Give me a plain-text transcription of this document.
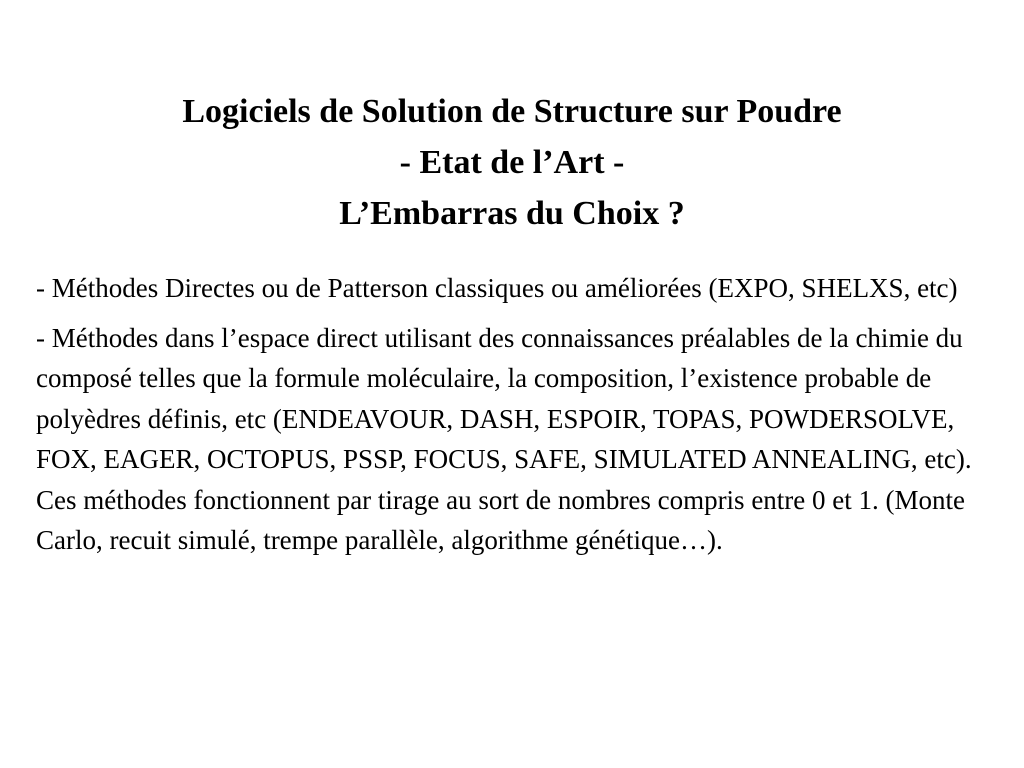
Logiciels de Solution de Structure sur Poudre
- Etat de l’Art -
L’Embarras du Choix ?

- Méthodes Directes ou de Patterson classiques ou améliorées (EXPO, SHELXS, etc)

- Méthodes dans l’espace direct utilisant des connaissances préalables de la chimie du composé telles que la formule moléculaire, la composition, l’existence probable de polyèdres définis, etc (ENDEAVOUR, DASH, ESPOIR, TOPAS, POWDERSOLVE, FOX, EAGER, OCTOPUS, PSSP, FOCUS, SAFE, SIMULATED ANNEALING, etc). Ces méthodes fonctionnent par tirage au sort de nombres compris entre 0 et 1. (Monte Carlo, recuit simulé, trempe parallèle, algorithme génétique…).
